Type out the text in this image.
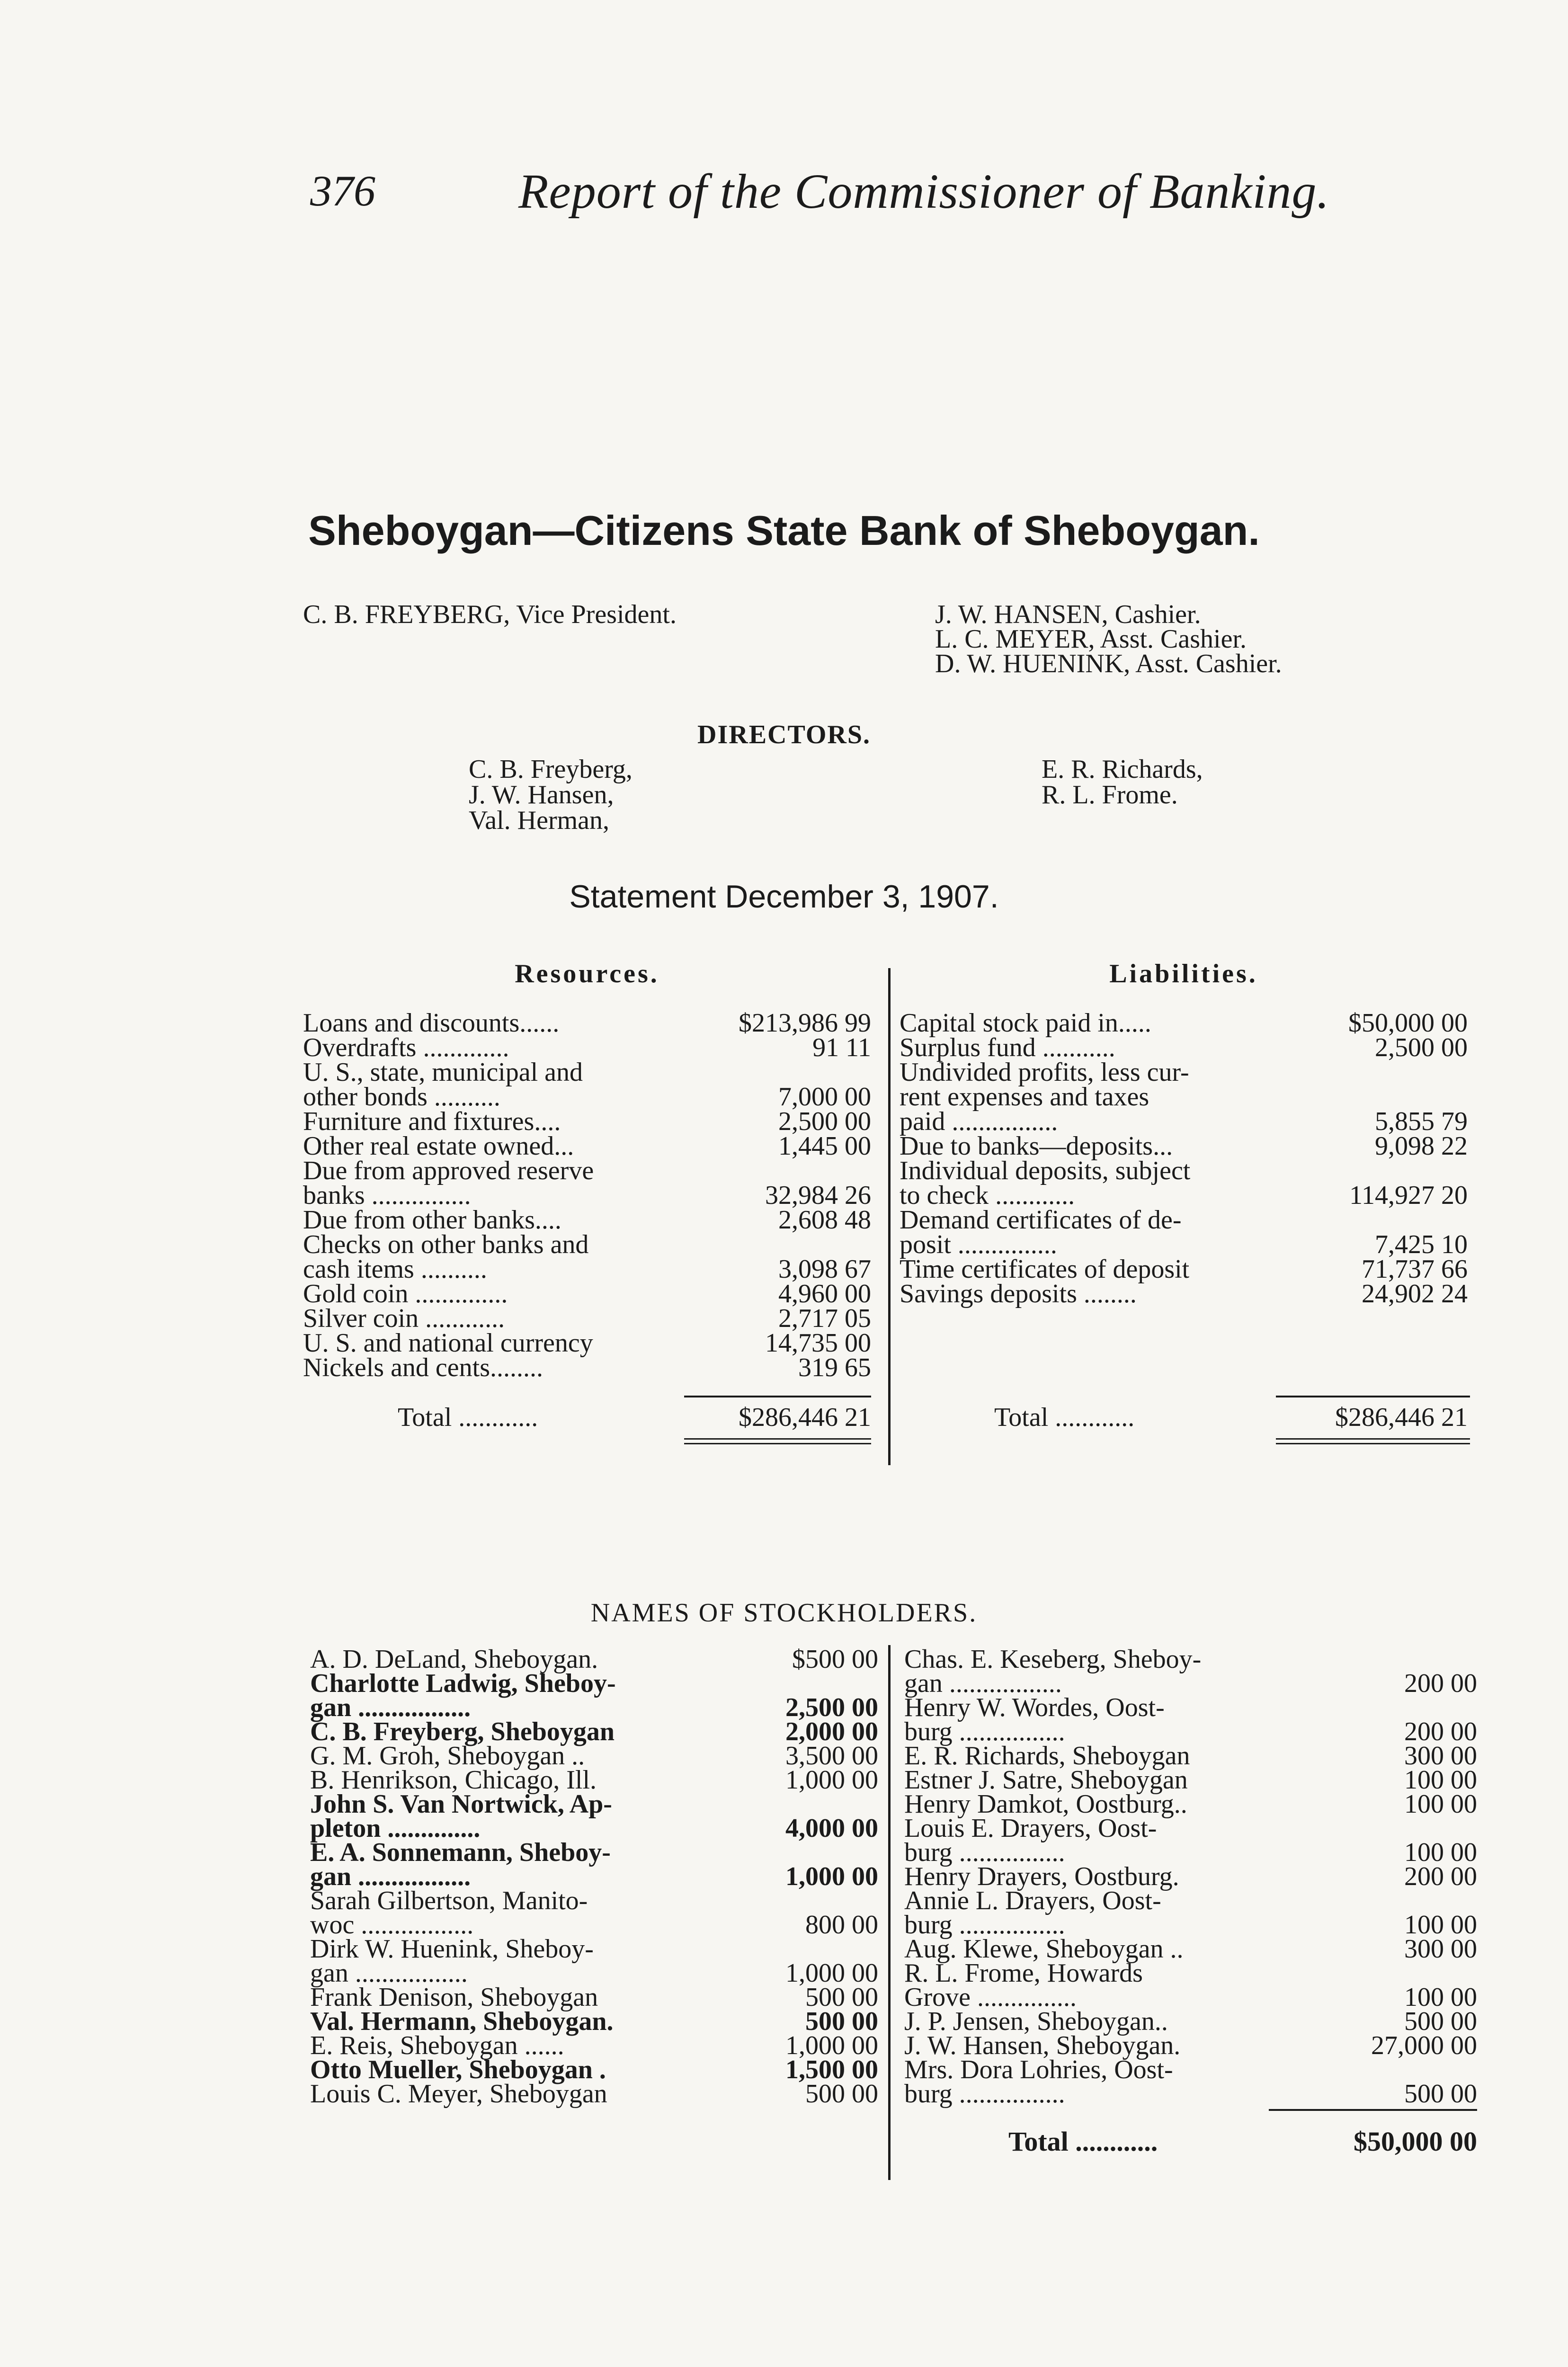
376	Report of the Commissioner of Banking.
Sheboygan—Citizens State Bank of Sheboygan.
C. B. FREYBERG, Vice President.	J. W. HANSEN, Cashier.
L. C. MEYER, Asst. Cashier.
D. W. HUENINK, Asst. Cashier.
DIRECTORS.
C. B. Freyberg,
J. W. Hansen,
Val. Herman,
E. R. Richards,
R. L. Frome.
Statement December 3, 1907.
Resources.	Liabilities.
Loans and discounts......	$213,986 99
Overdrafts .............	91 11
U. S., state, municipal and
other bonds ..........	7,000 00
Furniture and fixtures....	2,500 00
Other real estate owned...	1,445 00
Due from approved reserve
banks ...............	32,984 26
Due from other banks....	2,608 48
Checks on other banks and
cash items ..........	3,098 67
Gold coin ..............	4,960 00
Silver coin ............	2,717 05
U. S. and national currency	14,735 00
Nickels and cents........	319 65
Capital stock paid in.....	$50,000 00
Surplus fund ...........	2,500 00
Undivided profits, less cur-
rent expenses and taxes
paid ................	5,855 79
Due to banks—deposits...	9,098 22
Individual deposits, subject
to check ............	114,927 20
Demand certificates of de-
posit ...............	7,425 10
Time certificates of deposit	71,737 66
Savings deposits ........	24,902 24
Total ............	$286,446 21	Total ............	$286,446 21
NAMES OF STOCKHOLDERS.
A. D. DeLand, Sheboygan.	$500 00
Charlotte Ladwig, Sheboy-
gan .................	2,500 00
C. B. Freyberg, Sheboygan	2,000 00
G. M. Groh, Sheboygan ..	3,500 00
B. Henrikson, Chicago, Ill.	1,000 00
John S. Van Nortwick, Ap-
pleton ..............	4,000 00
E. A. Sonnemann, Sheboy-
gan .................	1,000 00
Sarah Gilbertson, Manito-
woc .................	800 00
Dirk W. Huenink, Sheboy-
gan .................	1,000 00
Frank Denison, Sheboygan	500 00
Val. Hermann, Sheboygan.	500 00
E. Reis, Sheboygan ......	1,000 00
Otto Mueller, Sheboygan .	1,500 00
Louis C. Meyer, Sheboygan	500 00
Chas. E. Keseberg, Sheboy-
gan .................	200 00
Henry W. Wordes, Oost-
burg ................	200 00
E. R. Richards, Sheboygan	300 00
Estner J. Satre, Sheboygan	100 00
Henry Damkot, Oostburg..	100 00
Louis E. Drayers, Oost-
burg ................	100 00
Henry Drayers, Oostburg.	200 00
Annie L. Drayers, Oost-
burg ................	100 00
Aug. Klewe, Sheboygan ..	300 00
R. L. Frome, Howards
Grove ...............	100 00
J. P. Jensen, Sheboygan..	500 00
J. W. Hansen, Sheboygan.	27,000 00
Mrs. Dora Lohries, Oost-
burg ................	500 00
Total ............	$50,000 00
